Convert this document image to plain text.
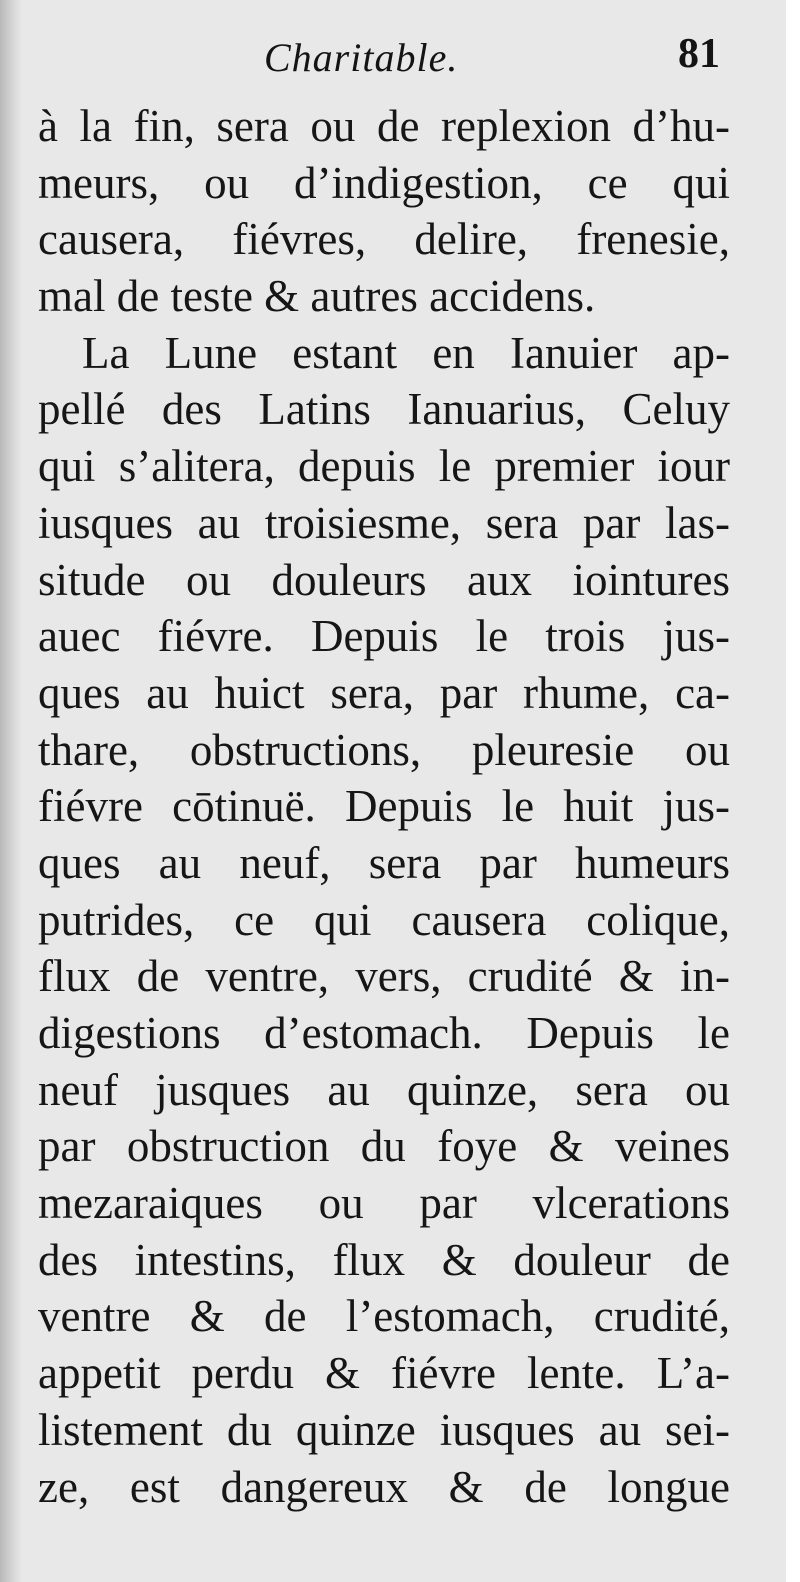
Charitable.	81
à la fin, sera ou de replexion d’hu-
meurs, ou d’indigestion, ce qui
causera, fiévres, delire, frenesie,
mal de teste & autres accidens.
La Lune estant en Ianuier ap-
pellé des Latins Ianuarius, Celuy
qui s’alitera, depuis le premier iour
iusques au troisiesme, sera par las-
situde ou douleurs aux iointures
auec fiévre. Depuis le trois jus-
ques au huict sera, par rhume, ca-
thare, obstructions, pleuresie ou
fiévre cōtinuë. Depuis le huit jus-
ques au neuf, sera par humeurs
putrides, ce qui causera colique,
flux de ventre, vers, crudité & in-
digestions d’estomach. Depuis le
neuf jusques au quinze, sera ou
par obstruction du foye & veines
mezaraiques ou par vlcerations
des intestins, flux & douleur de
ventre & de l’estomach, crudité,
appetit perdu & fiévre lente. L’a-
listement du quinze iusques au sei-
ze, est dangereux & de longue
